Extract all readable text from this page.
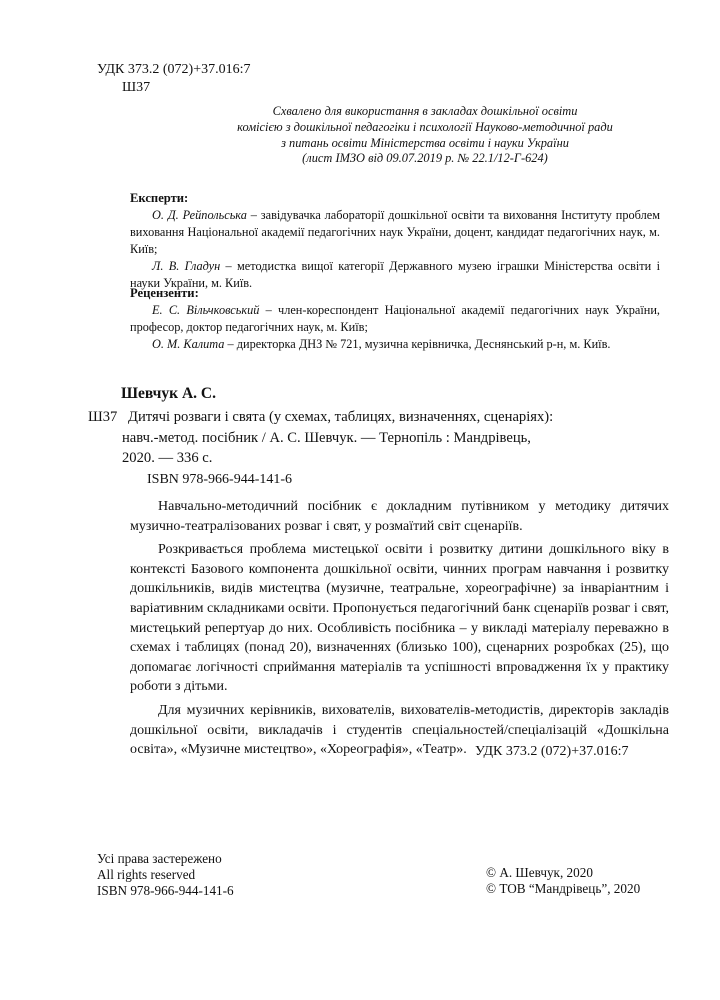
УДК 373.2 (072)+37.016:7
Ш37
Схвалено для використання в закладах дошкільної освіти
комісією з дошкільної педагогіки і психології Науково-методичної ради
з питань освіти Міністерства освіти і науки України
(лист ІМЗО від 09.07.2019 р. № 22.1/12-Г-624)
Експерти:
О. Д. Рейпольська – завідувачка лабораторії дошкільної освіти та виховання Інституту проблем виховання Національної академії педагогічних наук України, доцент, кандидат педагогічних наук, м. Київ;
Л. В. Гладун – методистка вищої категорії Державного музею іграшки Міністерства освіти і науки України, м. Київ.
Рецензенти:
Е. С. Вільчковський – член-кореспондент Національної академії педагогічних наук України, професор, доктор педагогічних наук, м. Київ;
О. М. Калита – директорка ДНЗ № 721, музична керівничка, Деснянський р-н, м. Київ.
Шевчук А. С.
Ш37 Дитячі розваги і свята (у схемах, таблицях, визначеннях, сценаріях):
навч.-метод. посібник / А. С. Шевчук. — Тернопіль : Мандрівець,
2020. — 336 с.
ISBN 978-966-944-141-6

Навчально-методичний посібник є докладним путівником у методику дитячих музично-театралізованих розваг і свят, у розмаїтий світ сценаріїв.

Розкривається проблема мистецької освіти і розвитку дитини дошкільного віку в контексті Базового компонента дошкільної освіти, чинних програм навчання і розвитку дошкільників, видів мистецтва (музичне, театральне, хореографічне) за інваріантним і варіативним складниками освіти. Пропонується педагогічний банк сценаріїв розваг і свят, мистецький репертуар до них. Особливість посібника – у викладі матеріалу переважно в схемах і таблицях (понад 20), визначеннях (близько 100), сценарних розробках (25), що допомагає логічності сприймання матеріалів та успішності впровадження їх у практику роботи з дітьми.

Для музичних керівників, вихователів, вихователів-методистів, директорів закладів дошкільної освіти, викладачів і студентів спеціальностей/спеціалізацій «Дошкільна освіта», «Музичне мистецтво», «Хореографія», «Театр». УДК 373.2 (072)+37.016:7
Усі права застережено
All rights reserved
ISBN 978-966-944-141-6
© А. Шевчук, 2020
© ТОВ “Мандрівець”, 2020
